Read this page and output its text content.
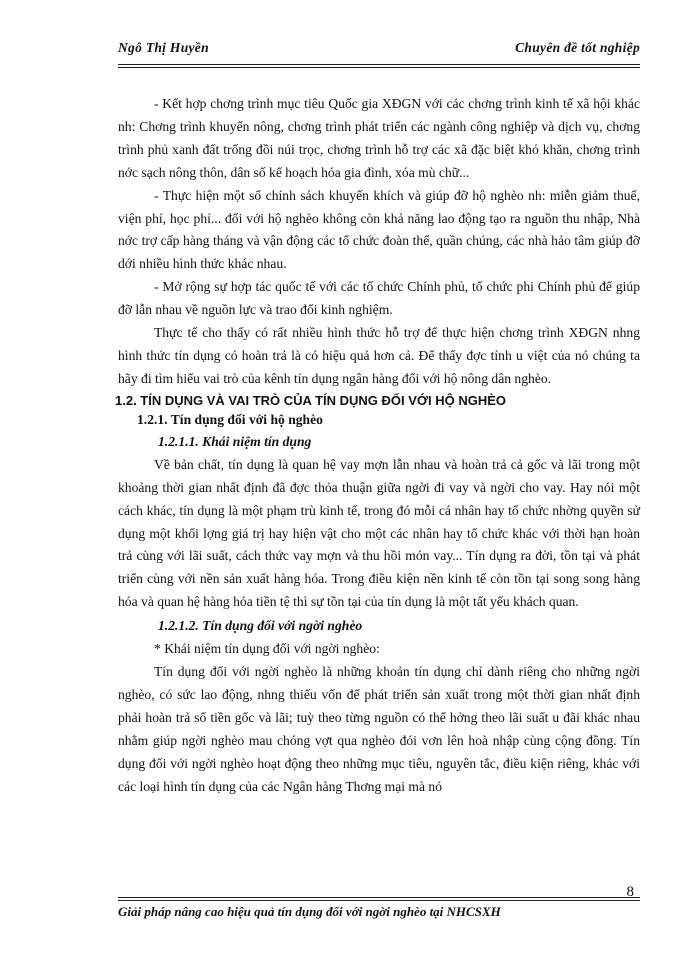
Ngô Thị Huyền	Chuyên đề tốt nghiệp

- Kết hợp chơng trình mục tiêu Quốc gia XĐGN với các chơng trình kinh tế xã hội khác nh: Chơng trình khuyến nông, chơng trình phát triển các ngành công nghiệp và dịch vụ, chơng trình phủ xanh đất trống đồi núi trọc, chơng trình hỗ trợ các xã đặc biệt khó khăn, chơng trình nớc sạch nông thôn, dân số kế hoạch hóa gia đình, xóa mù chữ...

- Thực hiện một số chính sách khuyến khích và giúp đỡ hộ nghèo nh: miễn giảm thuế, viện phí, học phí... đối với hộ nghèo không còn khả năng lao động tạo ra nguồn thu nhập, Nhà nớc trợ cấp hàng tháng và vận động các tổ chức đoàn thể, quần chúng, các nhà hảo tâm giúp đỡ dới nhiều hình thức khác nhau.

- Mở rộng sự hợp tác quốc tế với các tổ chức Chính phủ, tổ chức phi Chính phủ để giúp đỡ lẫn nhau về nguồn lực và trao đổi kinh nghiệm.

Thực tế cho thấy có rất nhiều hình thức hỗ trợ để thực hiện chơng trình XĐGN nhng hình thức tín dụng có hoàn trả là có hiệu quả hơn cả. Để thấy đợc tính u việt của nó chúng ta hãy đi tìm hiểu vai trò của kênh tín dụng ngân hàng đối với hộ nông dân nghèo.

1.2. TÍN DỤNG VÀ VAI TRÒ CỦA TÍN DỤNG ĐỐI VỚI HỘ NGHÈO

1.2.1. Tín dụng đối với hộ nghèo

1.2.1.1. Khái niệm tín dụng

Về bản chất, tín dụng là quan hệ vay mợn lẫn nhau và hoàn trả cả gốc và lãi trong một khoảng thời gian nhất định đã đợc thỏa thuận giữa ngời đi vay và ngời cho vay. Hay nói một cách khác, tín dụng là một phạm trù kinh tế, trong đó mỗi cá nhân hay tổ chức nhờng quyền sử dụng một khối lợng giá trị hay hiện vật cho một các nhân hay tổ chức khác với thời hạn hoàn trả cùng với lãi suất, cách thức vay mợn và thu hồi món vay... Tín dụng ra đời, tồn tại và phát triển cùng với nền sản xuất hàng hóa. Trong điều kiện nền kinh tế còn tồn tại song song hàng hóa và quan hệ hàng hóa tiền tệ thì sự tồn tại của tín dụng là một tất yếu khách quan.

1.2.1.2. Tín dụng đối với ngời nghèo

* Khái niệm tín dụng đối với ngời nghèo:

Tín dụng đối với ngời nghèo là những khoản tín dụng chỉ dành riêng cho những ngời nghèo, có sức lao động, nhng thiếu vốn để phát triển sản xuất trong một thời gian nhất định phải hoàn trả số tiền gốc và lãi; tuỳ theo từng nguồn có thể hởng theo lãi suất u đãi khác nhau nhằm giúp ngời nghèo mau chóng vợt qua nghèo đói vơn lên hoà nhập cùng cộng đồng. Tín dụng đối với ngời nghèo hoạt động theo những mục tiêu, nguyên tắc, điều kiện riêng, khác với các loại hình tín dụng của các Ngân hàng Thơng mại mà nó

Giải pháp nâng cao hiệu quả tín dụng đối với ngời nghèo tại NHCSXH
8
